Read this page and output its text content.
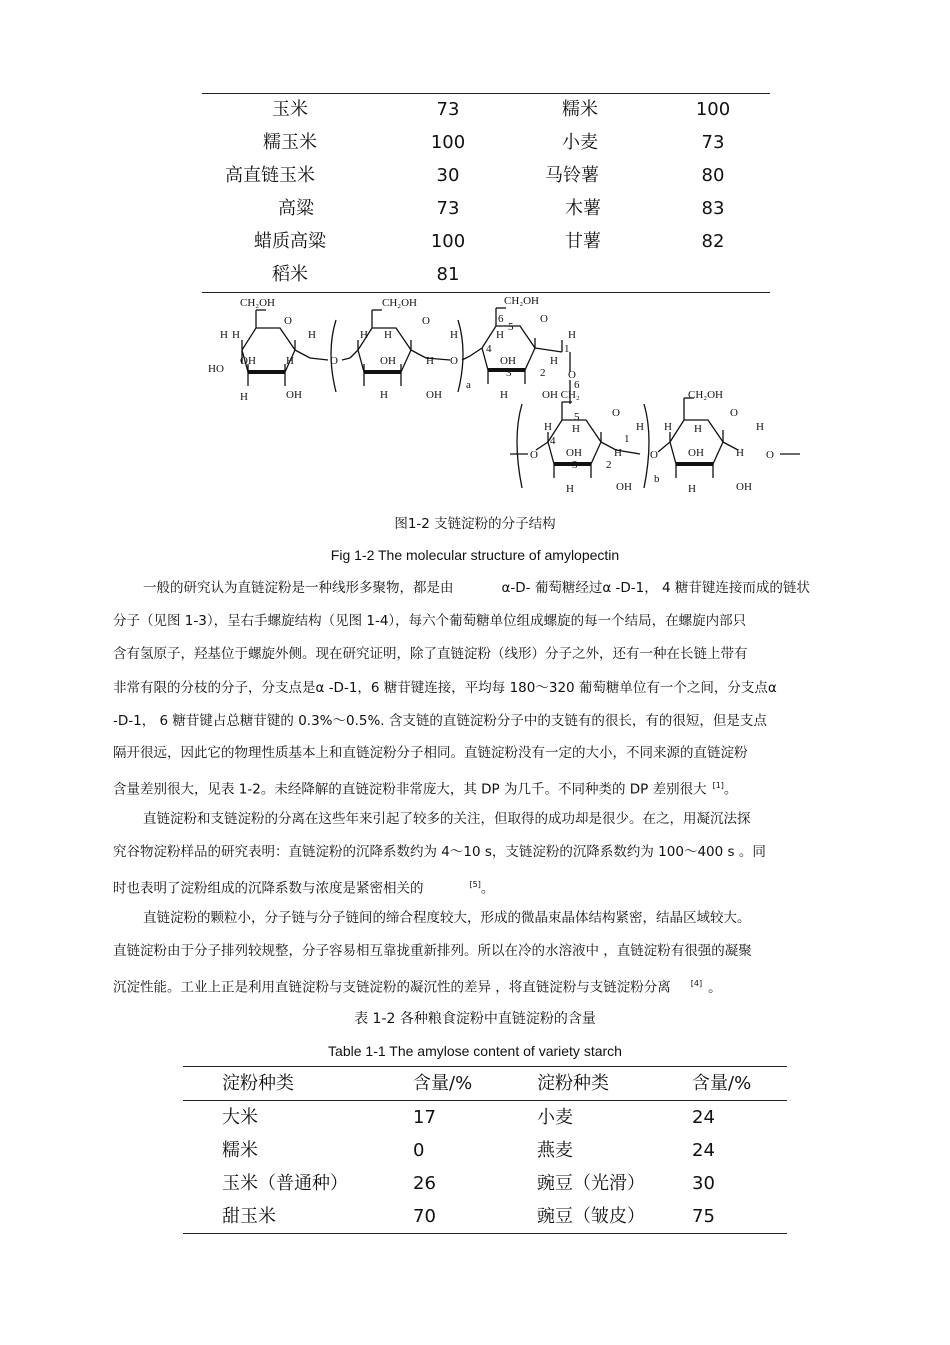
玉米	73	糯米	100
糯玉米	100	小麦	73
高直链玉米	30	马铃薯	80
高粱	73	木薯	83
蜡质高粱	100	甘薯	82
稻米	81
CH₂OH
O
H H	H
HO
OH	H
H	OH
O
CH₂OH
O
H H	H
OH	H
H	OH
O
a
CH₂OH
O
6
5
H	H
4	1
OH	H
3	2
H	OH CH₂
O
6
O
5
H H	H
4	1
O	OH	H
3	2
H	OH
O
b
CH₂OH
O
H H	H
OH	H
H	OH
O
图1-2 支链淀粉的分子结构
Fig 1-2 The molecular structure of amylopectin
一般的研究认为直链淀粉是一种线形多聚物，都是由	α-D- 葡萄糖经过α -D-1， 4 糖苷键连接而成的链状
分子（见图 1-3），呈右手螺旋结构（见图 1-4），每六个葡萄糖单位组成螺旋的每一个结局，在螺旋内部只
含有氢原子，羟基位于螺旋外侧。现在研究证明，除了直链淀粉（线形）分子之外，还有一种在长链上带有
非常有限的分枝的分子，分支点是α -D-1，6 糖苷键连接，平均每 180～320 葡萄糖单位有一个之间，分支点α
-D-1， 6 糖苷键占总糖苷键的 0.3%～0.5%. 含支链的直链淀粉分子中的支链有的很长，有的很短，但是支点
隔开很远，因此它的物理性质基本上和直链淀粉分子相同。直链淀粉没有一定的大小，不同来源的直链淀粉
含量差别很大，见表 1-2。未经降解的直链淀粉非常庞大，其 DP 为几千。不同种类的 DP 差别很大 [1]。
直链淀粉和支链淀粉的分离在这些年来引起了较多的关注，但取得的成功却是很少。在之，用凝沉法探
究谷物淀粉样品的研究表明：直链淀粉的沉降系数约为 4～10 s，支链淀粉的沉降系数约为 100～400 s 。同
时也表明了淀粉组成的沉降系数与浓度是紧密相关的	[5]。
直链淀粉的颗粒小，分子链与分子链间的缔合程度较大，形成的微晶束晶体结构紧密，结晶区域较大。
直链淀粉由于分子排列较规整，分子容易相互靠拢重新排列。所以在冷的水溶液中 ，直链淀粉有很强的凝聚
沉淀性能。工业上正是利用直链淀粉与支链淀粉的凝沉性的差异 ，将直链淀粉与支链淀粉分离	[4] 。
表 1-2 各种粮食淀粉中直链淀粉的含量
Table 1-1 The amylose content of variety starch
淀粉种类	含量/%	淀粉种类	含量/%
大米	17	小麦	24
糯米	0	燕麦	24
玉米（普通种）	26	豌豆（光滑）	30
甜玉米	70	豌豆（皱皮）	75
